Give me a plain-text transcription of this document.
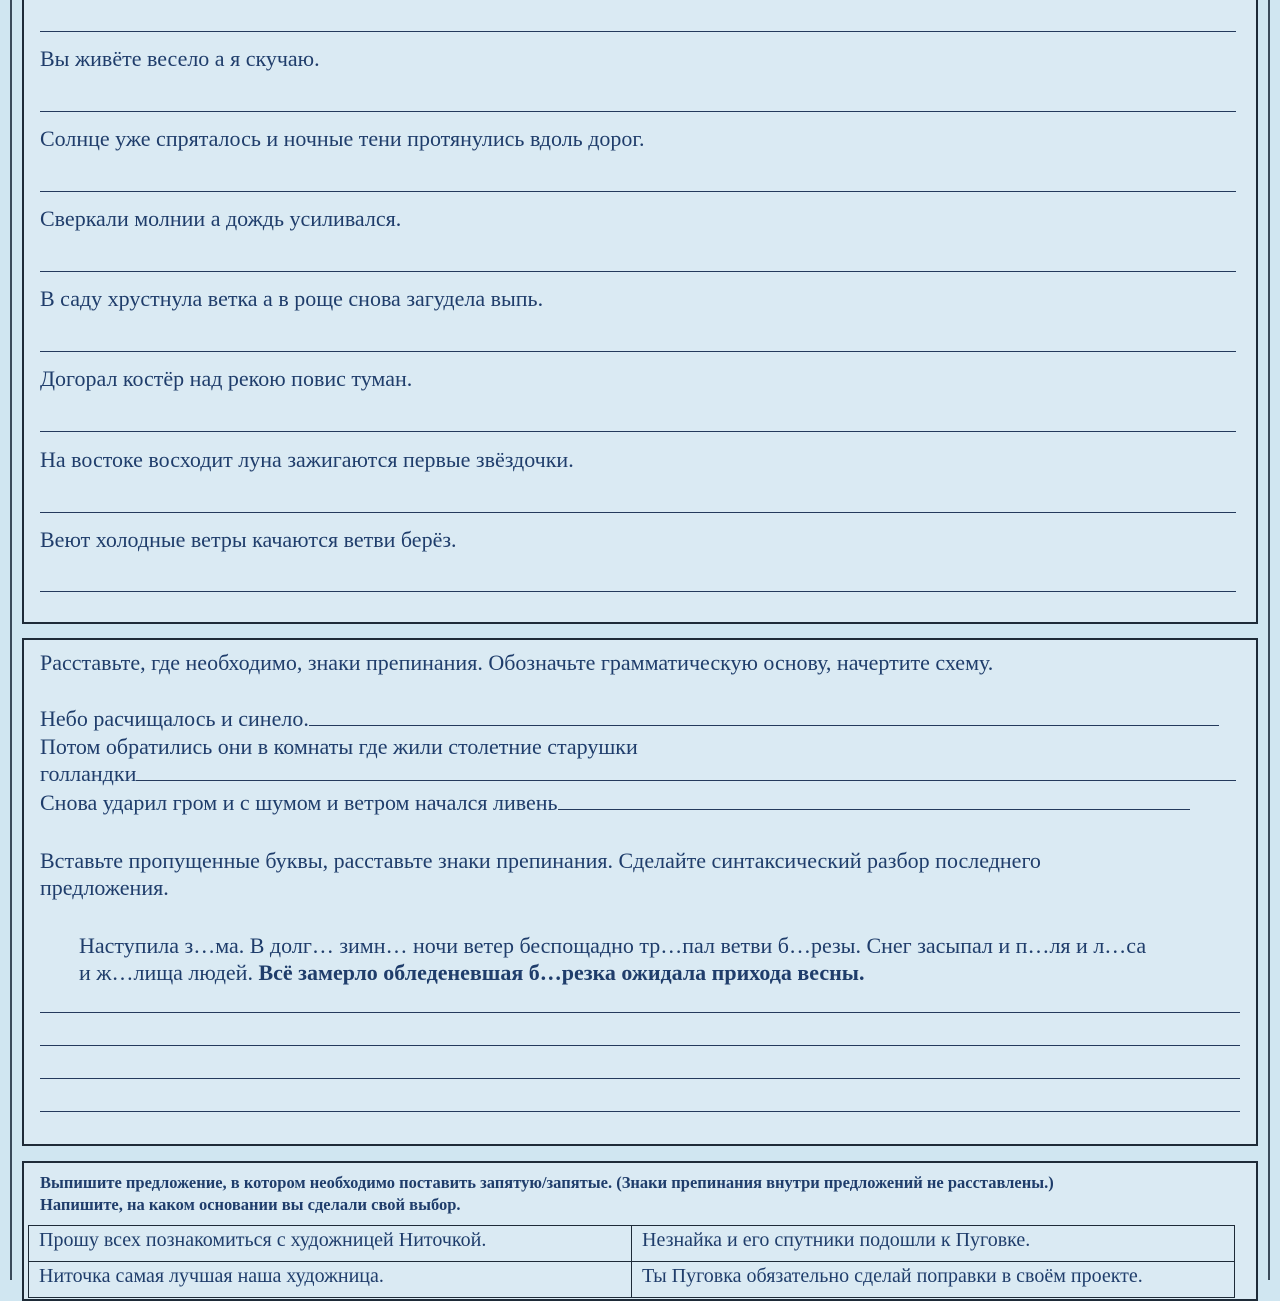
Вы живёте весело а я скучаю.
Солнце уже спряталось и ночные тени протянулись вдоль дорог.
Сверкали молнии а дождь усиливался.
В саду хрустнула ветка а в роще снова загудела выпь.
Догорал костёр над рекою повис туман.
На востоке восходит луна зажигаются первые звёздочки.
Веют холодные ветры качаются ветви берёз.
Расставьте, где необходимо, знаки препинания. Обозначьте грамматическую основу, начертите схему.
Небо расчищалось и синело.
Потом обратились они в комнаты где жили столетние старушки
голландки
Снова ударил гром и с шумом и ветром начался ливень
Вставьте пропущенные буквы, расставьте знаки препинания. Сделайте синтаксический разбор последнего
предложения.
Наступила з…ма. В долг… зимн… ночи ветер беспощадно тр…пал ветви б…резы. Снег засыпал и п…ля и л…са
и ж…лища людей. Всё замерло обледеневшая б…резка ожидала прихода весны.
Выпишите предложение, в котором необходимо поставить запятую/запятые. (Знаки препинания внутри предложений не расставлены.)
Напишите, на каком основании вы сделали свой выбор.
Прошу всех познакомиться с художницей Ниточкой.	Незнайка и его спутники подошли к Пуговке.
Ниточка самая лучшая наша художница.	Ты Пуговка обязательно сделай поправки в своём проекте.
